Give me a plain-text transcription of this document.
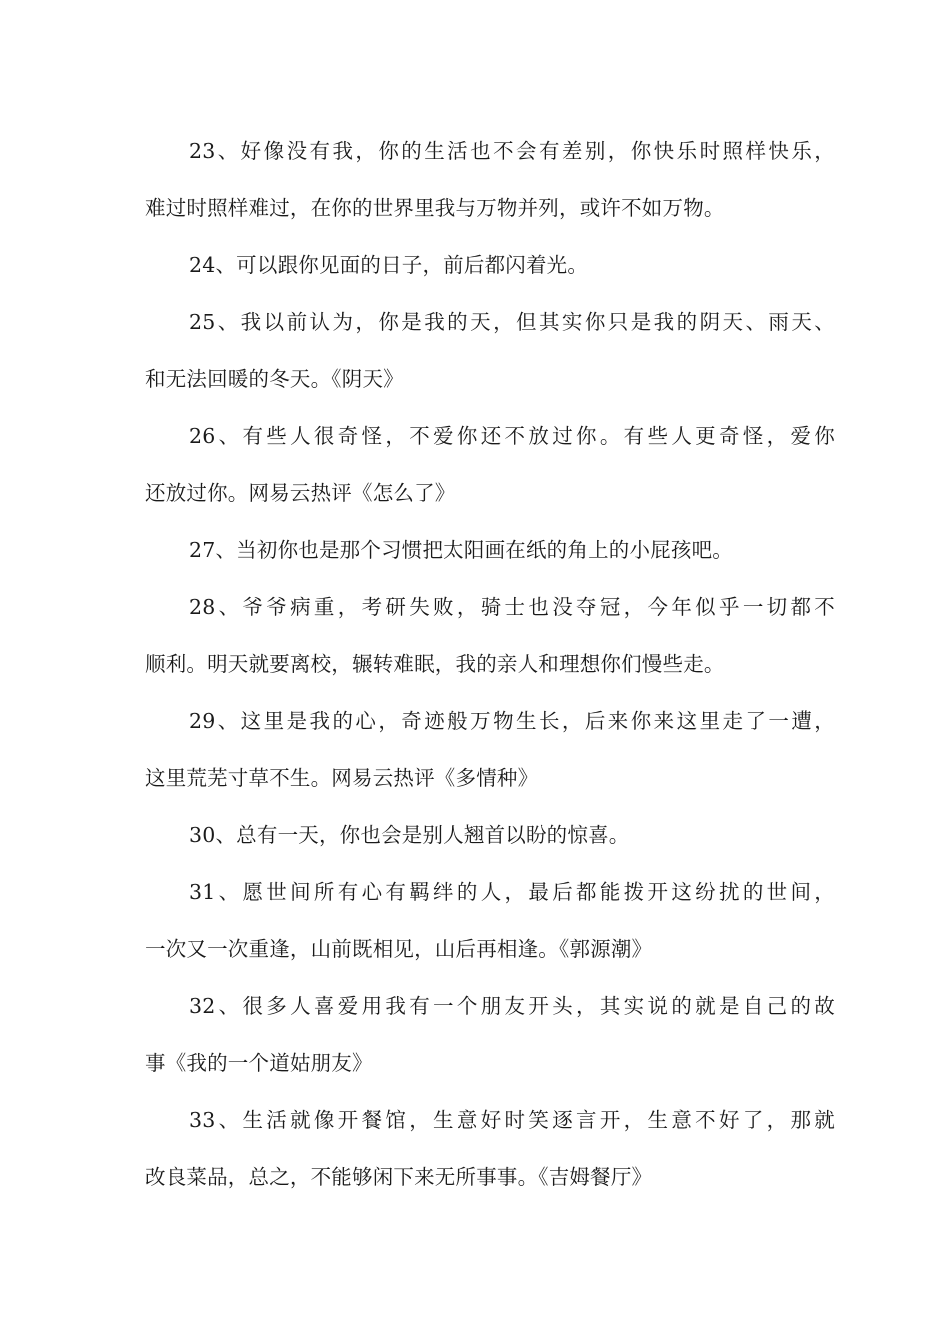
23、好像没有我，你的生活也不会有差别，你快乐时照样快乐，

难过时照样难过，在你的世界里我与万物并列，或许不如万物。

24、可以跟你见面的日子，前后都闪着光。

25、我以前认为，你是我的天，但其实你只是我的阴天、雨天、

和无法回暖的冬天。《阴天》

26、有些人很奇怪，不爱你还不放过你。有些人更奇怪，爱你

还放过你。网易云热评《怎么了》

27、当初你也是那个习惯把太阳画在纸的角上的小屁孩吧。

28、爷爷病重，考研失败，骑士也没夺冠，今年似乎一切都不

顺利。明天就要离校，辗转难眠，我的亲人和理想你们慢些走。

29、这里是我的心，奇迹般万物生长，后来你来这里走了一遭，

这里荒芜寸草不生。网易云热评《多情种》

30、总有一天，你也会是别人翘首以盼的惊喜。

31、愿世间所有心有羁绊的人，最后都能拨开这纷扰的世间，

一次又一次重逢，山前既相见，山后再相逢。《郭源潮》

32、很多人喜爱用我有一个朋友开头，其实说的就是自己的故

事《我的一个道姑朋友》

33、生活就像开餐馆，生意好时笑逐言开，生意不好了，那就

改良菜品，总之，不能够闲下来无所事事。《吉姆餐厅》
